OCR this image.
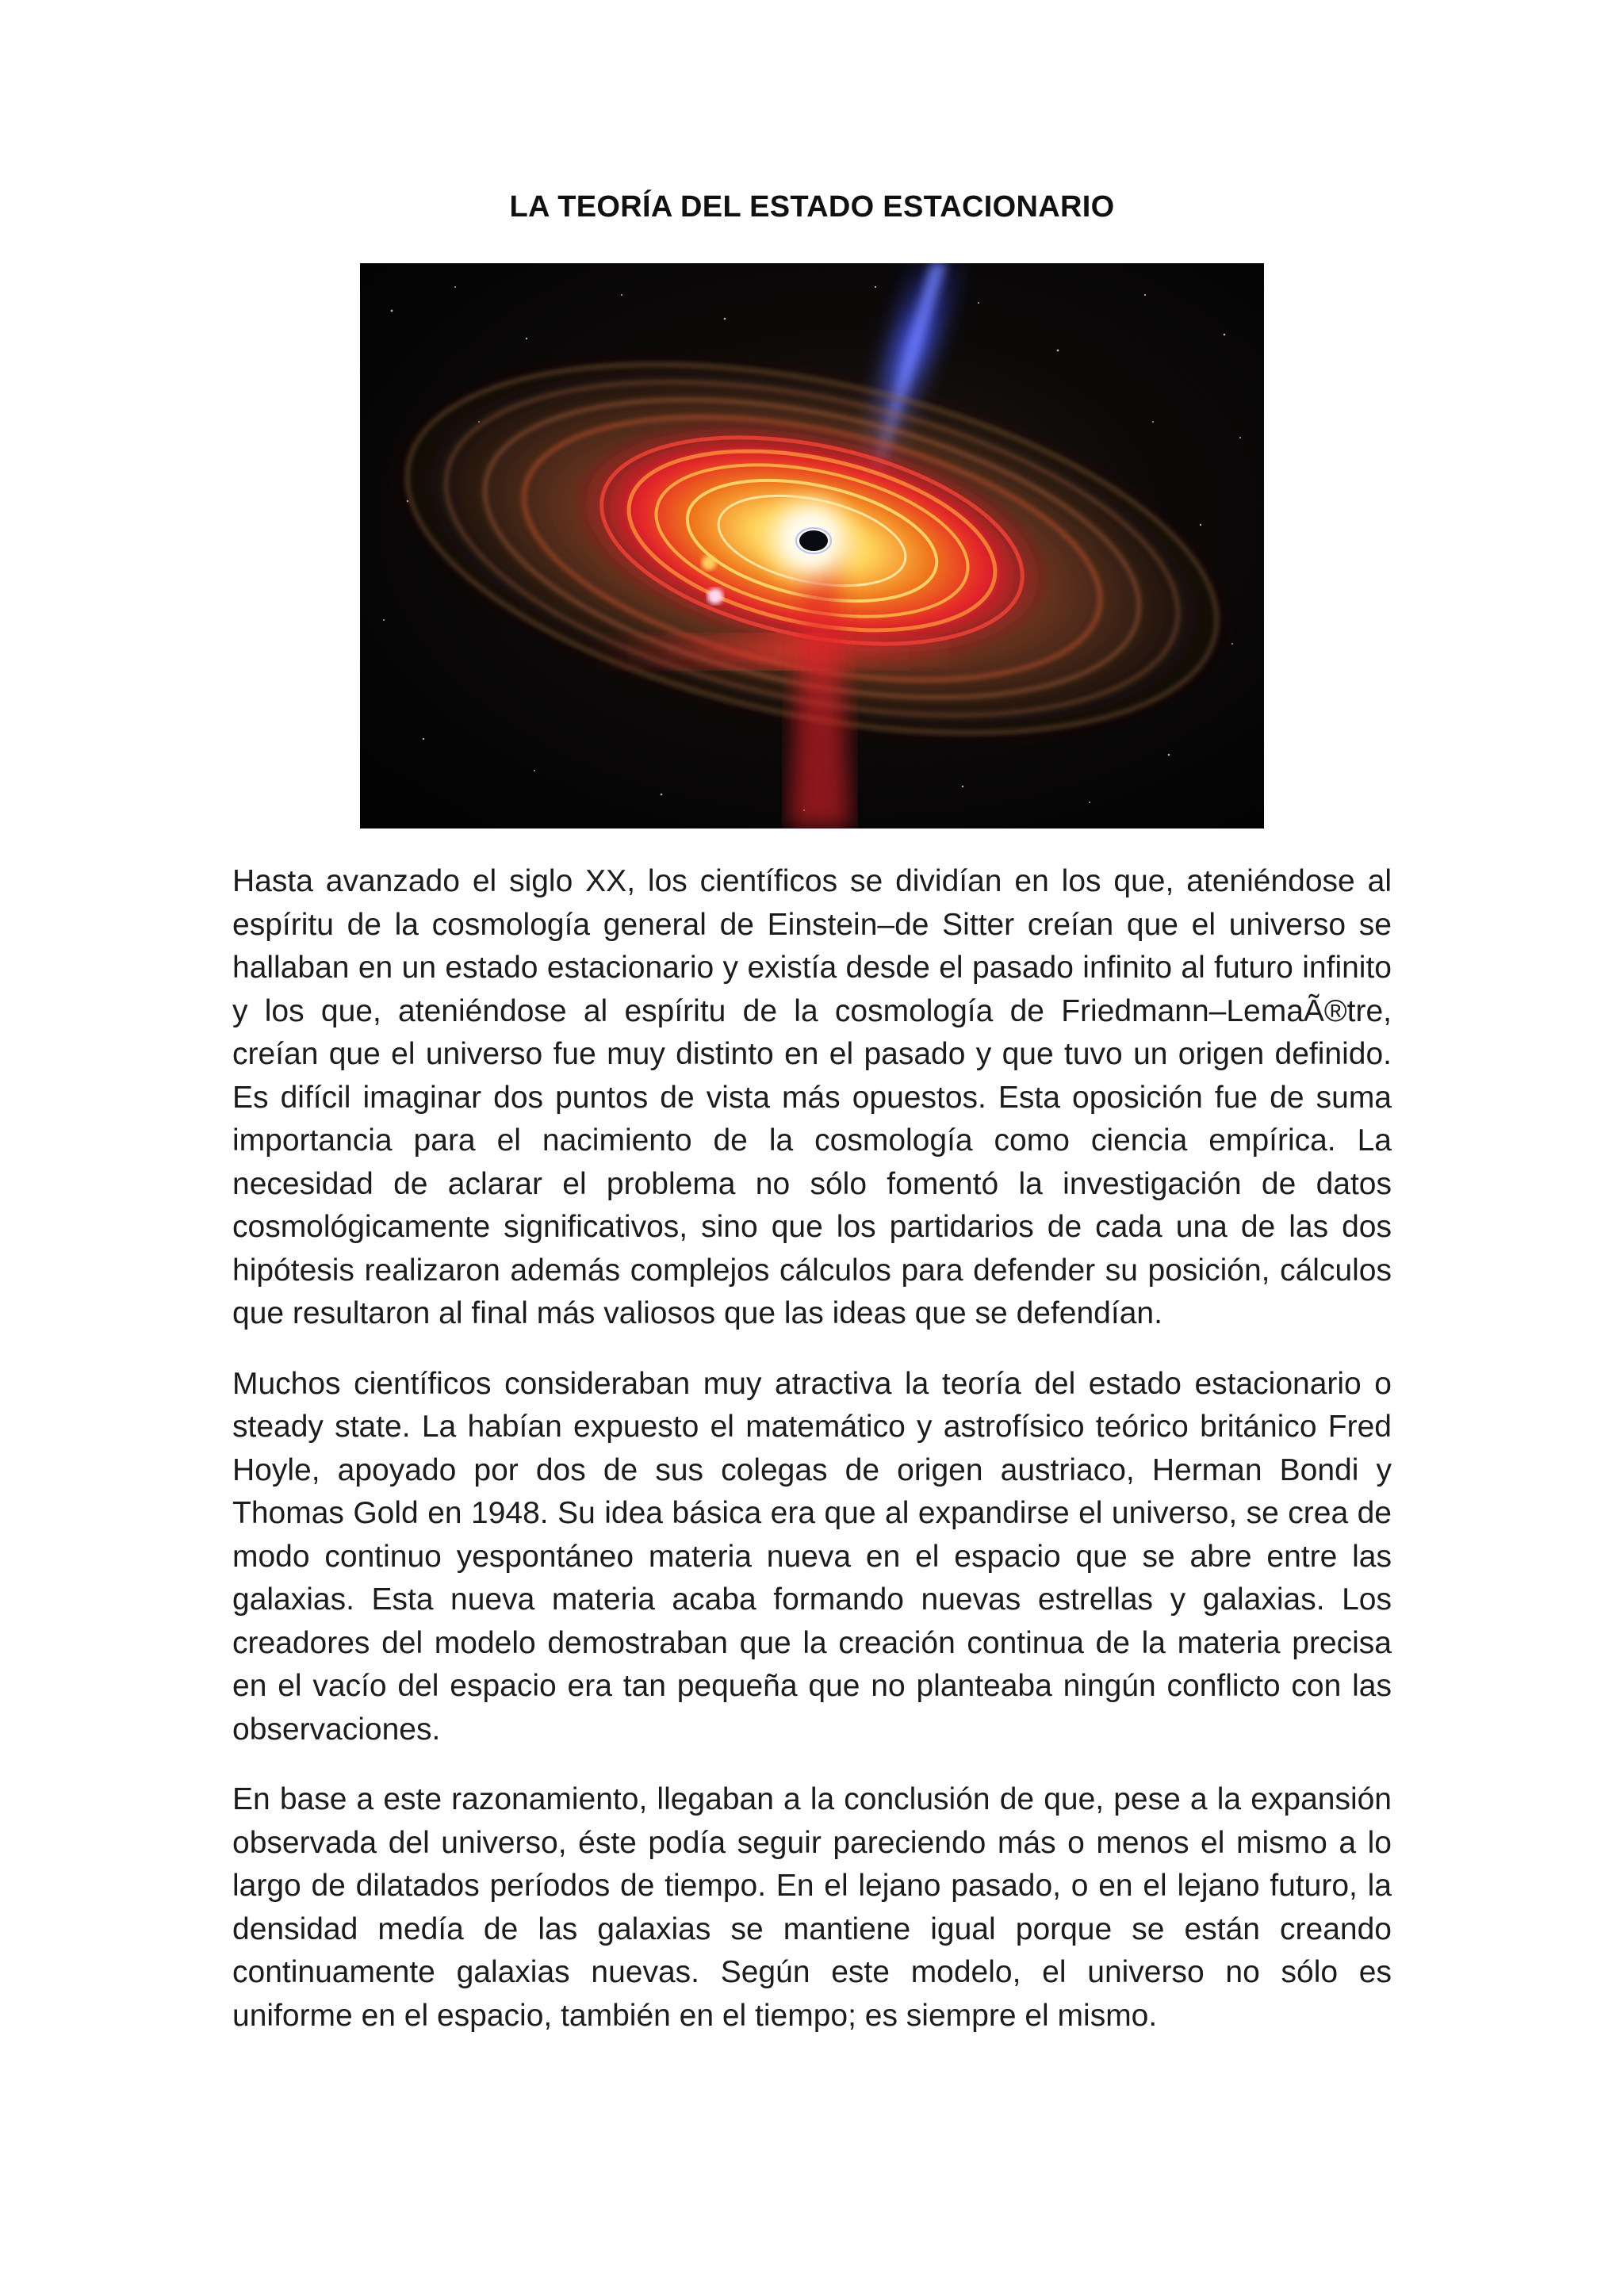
LA TEORÍA DEL ESTADO ESTACIONARIO

Hasta avanzado el siglo XX, los científicos se dividían en los que, ateniéndose al espíritu de la cosmología general de Einstein–de Sitter creían que el universo se hallaban en un estado estacionario y existía desde el pasado infinito al futuro infinito y los que, ateniéndose al espíritu de la cosmología de Friedmann–LemaÃ®tre, creían que el universo fue muy distinto en el pasado y que tuvo un origen definido. Es difícil imaginar dos puntos de vista más opuestos. Esta oposición fue de suma importancia para el nacimiento de la cosmología como ciencia empírica. La necesidad de aclarar el problema no sólo fomentó la investigación de datos cosmológicamente significativos, sino que los partidarios de cada una de las dos hipótesis realizaron además complejos cálculos para defender su posición, cálculos que resultaron al final más valiosos que las ideas que se defendían.

Muchos científicos consideraban muy atractiva la teoría del estado estacionario o steady state. La habían expuesto el matemático y astrofísico teórico británico Fred Hoyle, apoyado por dos de sus colegas de origen austriaco, Herman Bondi y Thomas Gold en 1948. Su idea básica era que al expandirse el universo, se crea de modo continuo yespontáneo materia nueva en el espacio que se abre entre las galaxias. Esta nueva materia acaba formando nuevas estrellas y galaxias. Los creadores del modelo demostraban que la creación continua de la materia precisa en el vacío del espacio era tan pequeña que no planteaba ningún conflicto con las observaciones.

En base a este razonamiento, llegaban a la conclusión de que, pese a la expansión observada del universo, éste podía seguir pareciendo más o menos el mismo a lo largo de dilatados períodos de tiempo. En el lejano pasado, o en el lejano futuro, la densidad medía de las galaxias se mantiene igual porque se están creando continuamente galaxias nuevas. Según este modelo, el universo no sólo es uniforme en el espacio, también en el tiempo; es siempre el mismo.
